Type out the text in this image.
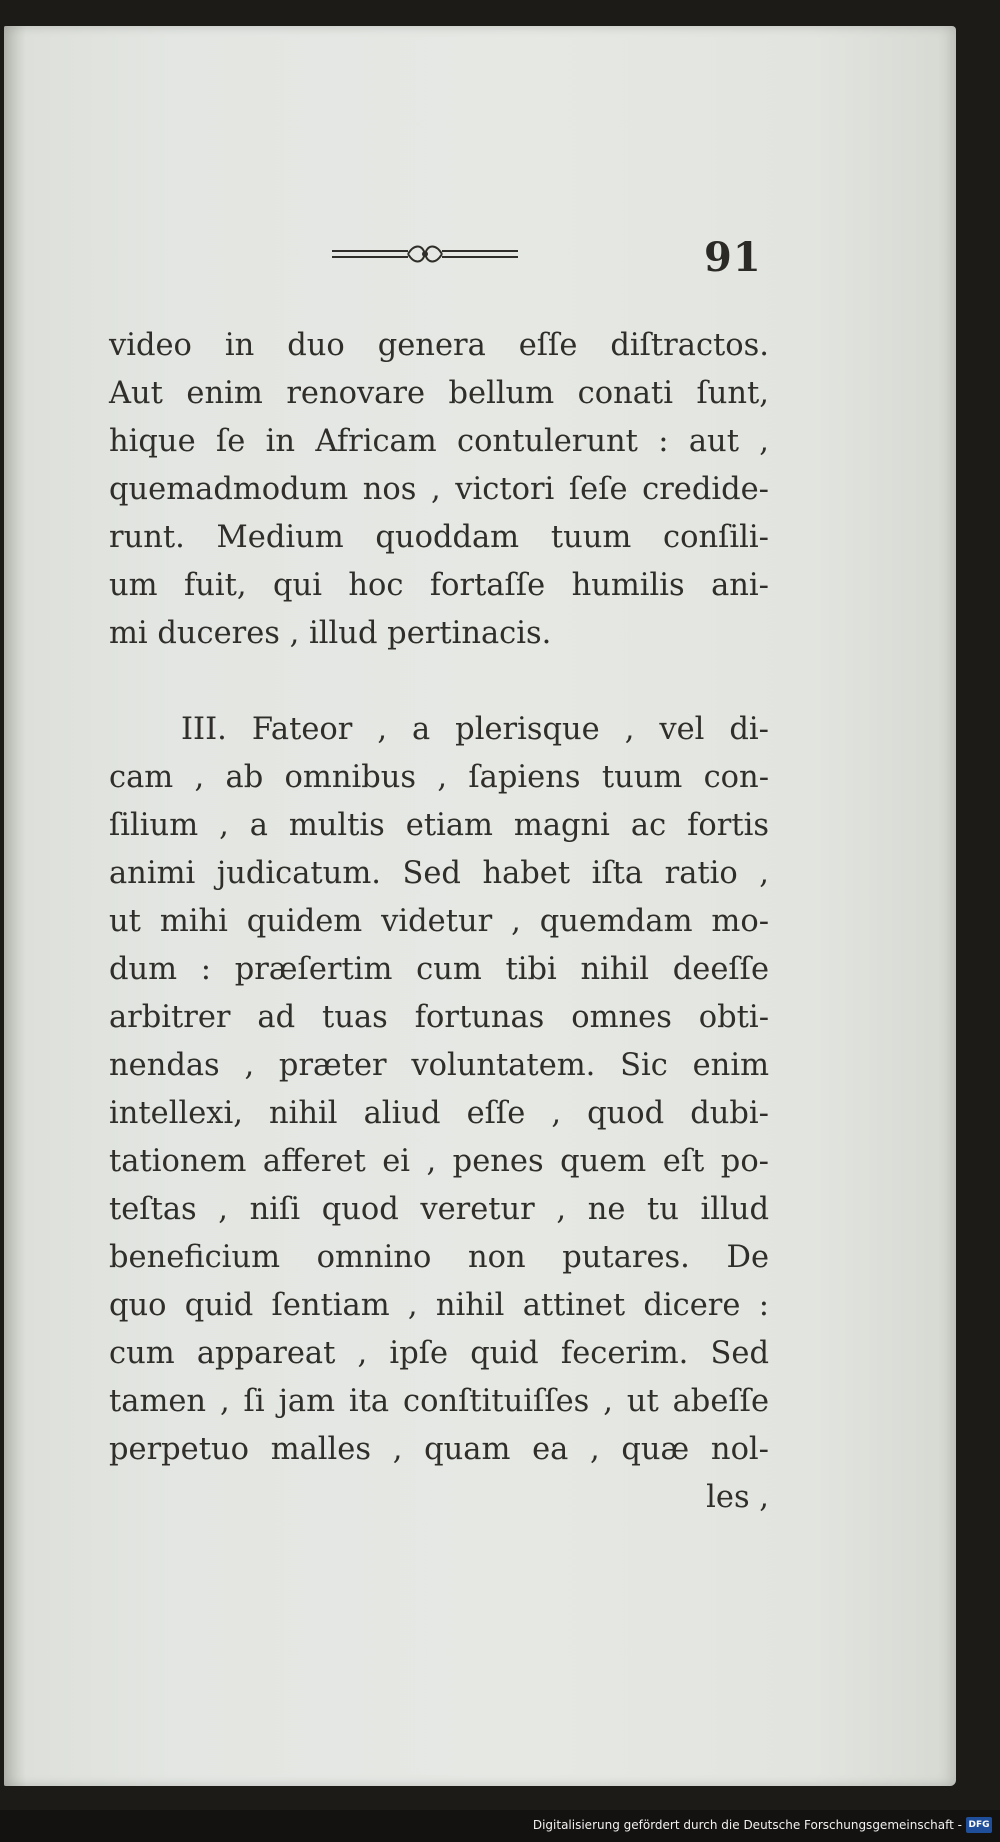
91
video in duo genera eſſe diſtractos.
Aut enim renovare bellum conati ſunt,
hique ſe in Africam contulerunt : aut ,
quemadmodum nos , victori ſeſe credide-
runt. Medium quoddam tuum conſili-
um fuit, qui hoc fortaſſe humilis ani-
mi duceres , illud pertinacis.
III. Fateor , a plerisque , vel di-
cam , ab omnibus , ſapiens tuum con-
ſilium , a multis etiam magni ac fortis
animi judicatum. Sed habet iſta ratio ,
ut mihi quidem videtur , quemdam mo-
dum : præſertim cum tibi nihil deeſſe
arbitrer ad tuas fortunas omnes obti-
nendas , præter voluntatem. Sic enim
intellexi, nihil aliud eſſe , quod dubi-
tationem afferet ei , penes quem eſt po-
teſtas , niſi quod veretur , ne tu illud
beneficium omnino non putares. De
quo quid ſentiam , nihil attinet dicere :
cum appareat , ipſe quid fecerim. Sed
tamen , ſi jam ita conſtituiſſes , ut abeſſe
perpetuo malles , quam ea , quæ nol-
les ,
Digitalisierung gefördert durch die Deutsche Forschungsgemeinschaft - DFG
